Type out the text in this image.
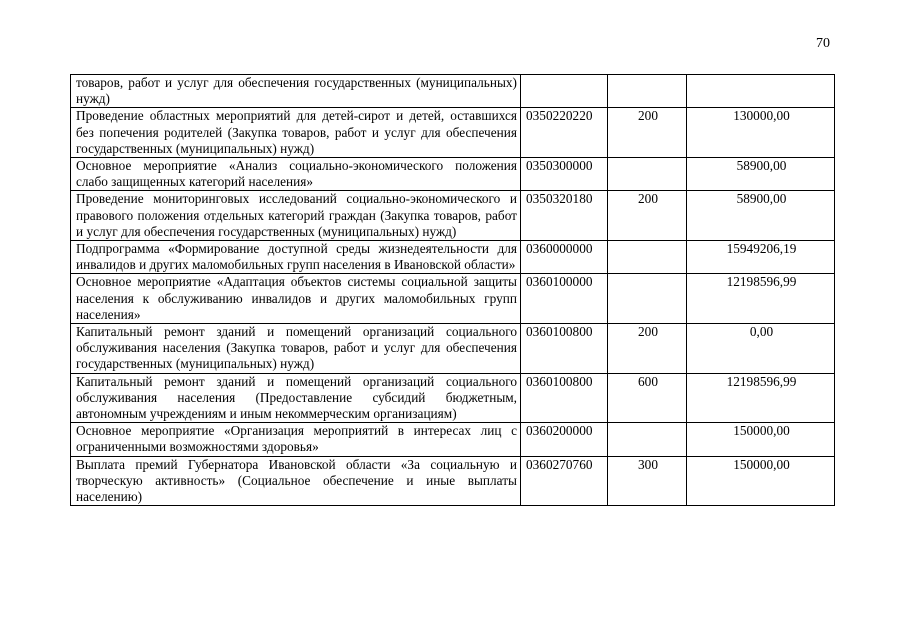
70
товаров, работ и услуг для обеспечения государственных (муниципальных) нужд)			
Проведение областных мероприятий для детей-сирот и детей, оставшихся без попечения родителей (Закупка товаров, работ и услуг для обеспечения государственных (муниципальных) нужд)	0350220220	200	130000,00
Основное мероприятие «Анализ социально-экономического положения слабо защищенных категорий населения»	0350300000		58900,00
Проведение мониторинговых исследований социально-экономического и правового положения отдельных категорий граждан (Закупка товаров, работ и услуг для обеспечения государственных (муниципальных) нужд)	0350320180	200	58900,00
Подпрограмма «Формирование доступной среды жизнедеятельности для инвалидов и других маломобильных групп населения в Ивановской области»	0360000000		15949206,19
Основное мероприятие «Адаптация объектов системы социальной защиты населения к обслуживанию инвалидов и других маломобильных групп населения»	0360100000		12198596,99
Капитальный ремонт зданий и помещений организаций социального обслуживания населения (Закупка товаров, работ и услуг для обеспечения государственных (муниципальных) нужд)	0360100800	200	0,00
Капитальный ремонт зданий и помещений организаций социального обслуживания населения (Предоставление субсидий бюджетным, автономным учреждениям и иным некоммерческим организациям)	0360100800	600	12198596,99
Основное мероприятие «Организация мероприятий в интересах лиц с ограниченными возможностями здоровья»	0360200000		150000,00
Выплата премий Губернатора Ивановской области «За социальную и творческую активность» (Социальное обеспечение и иные выплаты населению)	0360270760	300	150000,00
